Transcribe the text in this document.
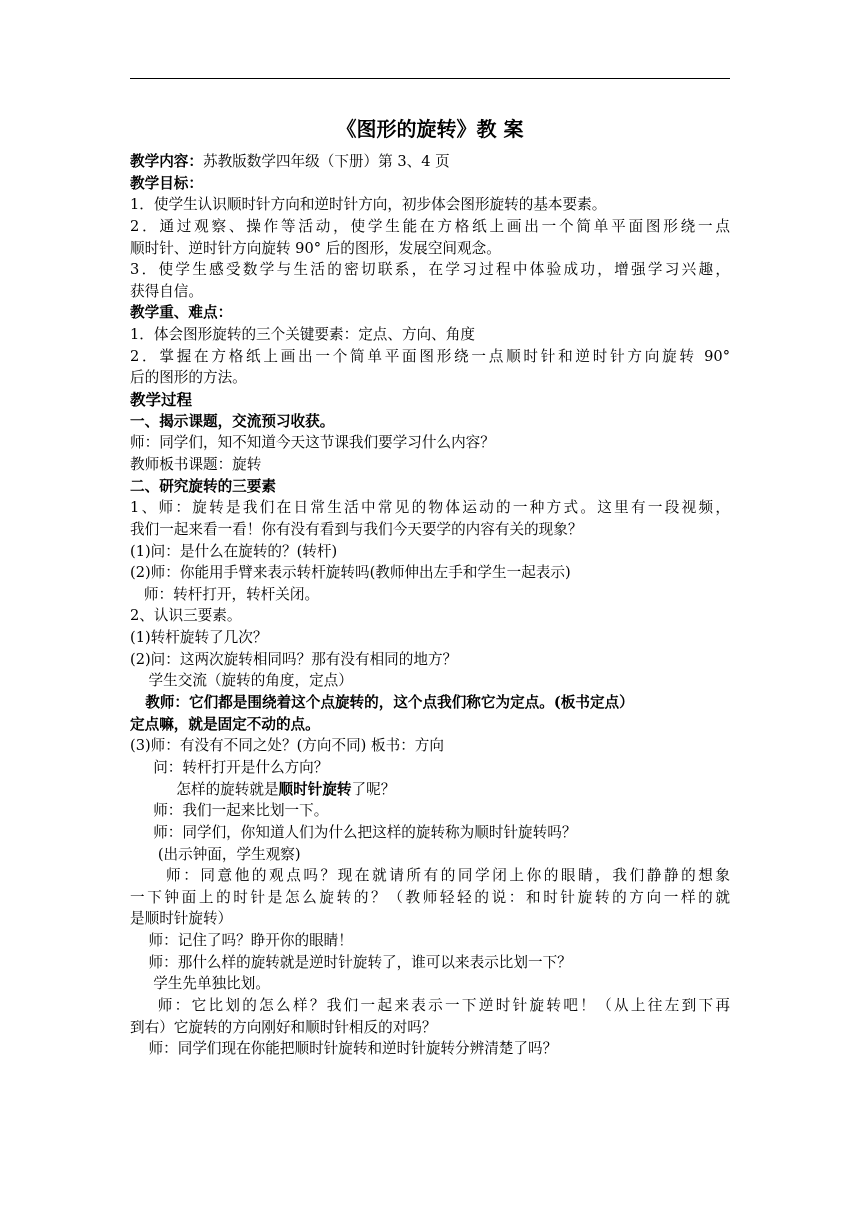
《图形的旋转》教 案
教学内容：苏教版数学四年级（下册）第 3、4 页
教学目标：
1．使学生认识顺时针方向和逆时针方向，初步体会图形旋转的基本要素。
2．通过观察、操作等活动，使学生能在方格纸上画出一个简单平面图形绕一点
顺时针、逆时针方向旋转 90° 后的图形，发展空间观念。
3．使学生感受数学与生活的密切联系，在学习过程中体验成功，增强学习兴趣，
获得自信。
教学重、难点：
1．体会图形旋转的三个关键要素：定点、方向、角度
2．掌握在方格纸上画出一个简单平面图形绕一点顺时针和逆时针方向旋转 90°
后的图形的方法。
教学过程
一、揭示课题，交流预习收获。
师：同学们，知不知道今天这节课我们要学习什么内容？
教师板书课题：旋转
二、研究旋转的三要素
1、师：旋转是我们在日常生活中常见的物体运动的一种方式。这里有一段视频，
我们一起来看一看！你有没有看到与我们今天要学的内容有关的现象？
(1)问：是什么在旋转的？(转杆)
(2)师：你能用手臂来表示转杆旋转吗(教师伸出左手和学生一起表示)
师：转杆打开，转杆关闭。
2、认识三要素。
(1)转杆旋转了几次？
(2)问：这两次旋转相同吗？那有没有相同的地方？
学生交流（旋转的角度，定点）
教师：它们都是围绕着这个点旋转的，这个点我们称它为定点。(板书定点）
定点嘛，就是固定不动的点。
(3)师：有没有不同之处？(方向不同) 板书：方向
问：转杆打开是什么方向？
怎样的旋转就是顺时针旋转了呢？
师：我们一起来比划一下。
师：同学们，你知道人们为什么把这样的旋转称为顺时针旋转吗？
(出示钟面，学生观察)
师：同意他的观点吗？现在就请所有的同学闭上你的眼睛，我们静静的想象
一下钟面上的时针是怎么旋转的？（教师轻轻的说：和时针旋转的方向一样的就
是顺时针旋转）
师：记住了吗？睁开你的眼睛！
师：那什么样的旋转就是逆时针旋转了，谁可以来表示比划一下？
学生先单独比划。
师：它比划的怎么样？我们一起来表示一下逆时针旋转吧！（从上往左到下再
到右）它旋转的方向刚好和顺时针相反的对吗？
师：同学们现在你能把顺时针旋转和逆时针旋转分辨清楚了吗？
